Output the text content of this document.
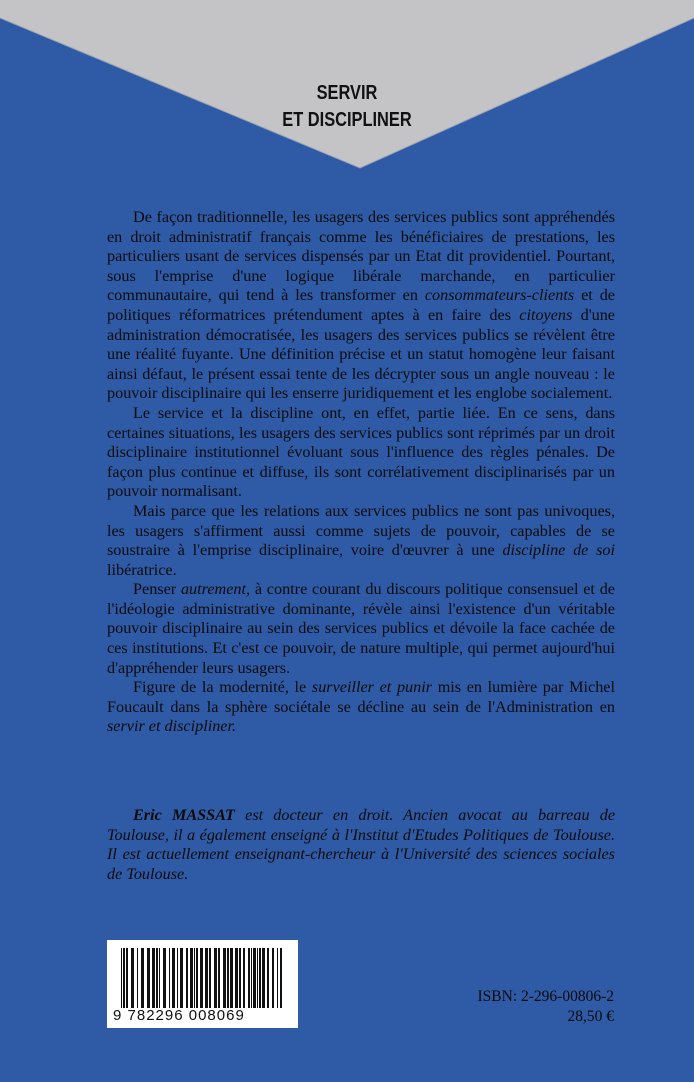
SERVIR
ET DISCIPLINER

De façon traditionnelle, les usagers des services publics sont appréhendés en droit administratif français comme les bénéficiaires de prestations, les particuliers usant de services dispensés par un Etat dit providentiel. Pourtant, sous l'emprise d'une logique libérale marchande, en particulier communautaire, qui tend à les transformer en consommateurs-clients et de politiques réformatrices prétendument aptes à en faire des citoyens d'une administration démocratisée, les usagers des services publics se révèlent être une réalité fuyante. Une définition précise et un statut homogène leur faisant ainsi défaut, le présent essai tente de les décrypter sous un angle nouveau : le pouvoir disciplinaire qui les enserre juridiquement et les englobe socialement.

Le service et la discipline ont, en effet, partie liée. En ce sens, dans certaines situations, les usagers des services publics sont réprimés par un droit disciplinaire institutionnel évoluant sous l'influence des règles pénales. De façon plus continue et diffuse, ils sont corrélativement disciplinarisés par un pouvoir normalisant.

Mais parce que les relations aux services publics ne sont pas univoques, les usagers s'affirment aussi comme sujets de pouvoir, capables de se soustraire à l'emprise disciplinaire, voire d'œuvrer à une discipline de soi libératrice.

Penser autrement, à contre courant du discours politique consensuel et de l'idéologie administrative dominante, révèle ainsi l'existence d'un véritable pouvoir disciplinaire au sein des services publics et dévoile la face cachée de ces institutions. Et c'est ce pouvoir, de nature multiple, qui permet aujourd'hui d'appréhender leurs usagers.

Figure de la modernité, le surveiller et punir mis en lumière par Michel Foucault dans la sphère sociétale se décline au sein de l'Administration en servir et discipliner.

Eric MASSAT est docteur en droit. Ancien avocat au barreau de Toulouse, il a également enseigné à l'Institut d'Etudes Politiques de Toulouse. Il est actuellement enseignant-chercheur à l'Université des sciences sociales de Toulouse.
9 782296 008069
ISBN: 2-296-00806-2
28,50 €
